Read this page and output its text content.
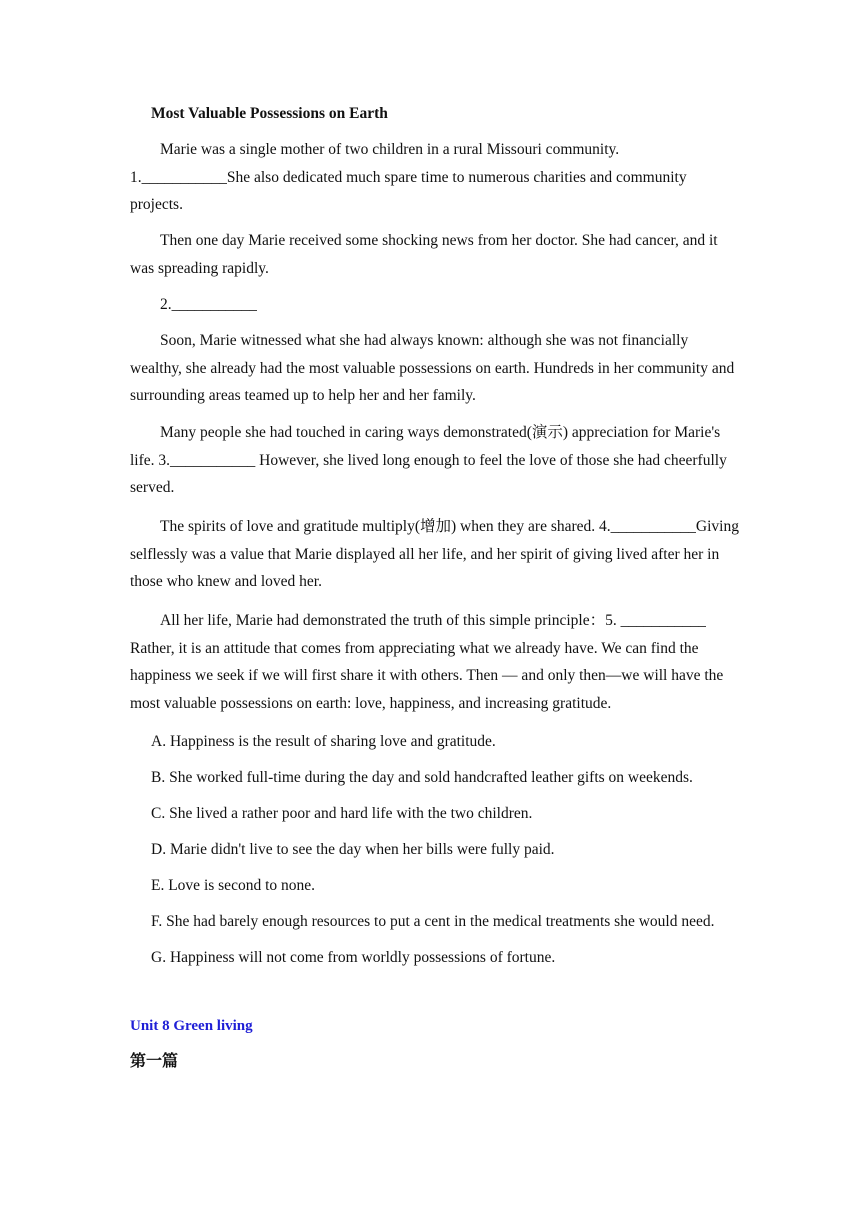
Most Valuable Possessions on Earth

Marie was a single mother of two children in a rural Missouri community. 1.___________She also dedicated much spare time to numerous charities and community projects.

Then one day Marie received some shocking news from her doctor. She had cancer, and it was spreading rapidly.

2.___________

Soon, Marie witnessed what she had always known: although she was not financially wealthy, she already had the most valuable possessions on earth. Hundreds in her community and surrounding areas teamed up to help her and her family.

Many people she had touched in caring ways demonstrated(演示) appreciation for Marie's life. 3.___________ However, she lived long enough to feel the love of those she had cheerfully served.

The spirits of love and gratitude multiply(增加) when they are shared. 4.___________Giving selflessly was a value that Marie displayed all her life, and her spirit of giving lived after her in those who knew and loved her.

All her life, Marie had demonstrated the truth of this simple principle：5. ___________ Rather, it is an attitude that comes from appreciating what we already have. We can find the happiness we seek if we will first share it with others. Then — and only then—we will have the most valuable possessions on earth: love, happiness, and increasing gratitude.

A. Happiness is the result of sharing love and gratitude.
B. She worked full-time during the day and sold handcrafted leather gifts on weekends.
C. She lived a rather poor and hard life with the two children.
D. Marie didn't live to see the day when her bills were fully paid.
E. Love is second to none.
F. She had barely enough resources to put a cent in the medical treatments she would need.
G. Happiness will not come from worldly possessions of fortune.
Unit 8 Green living
第一篇
